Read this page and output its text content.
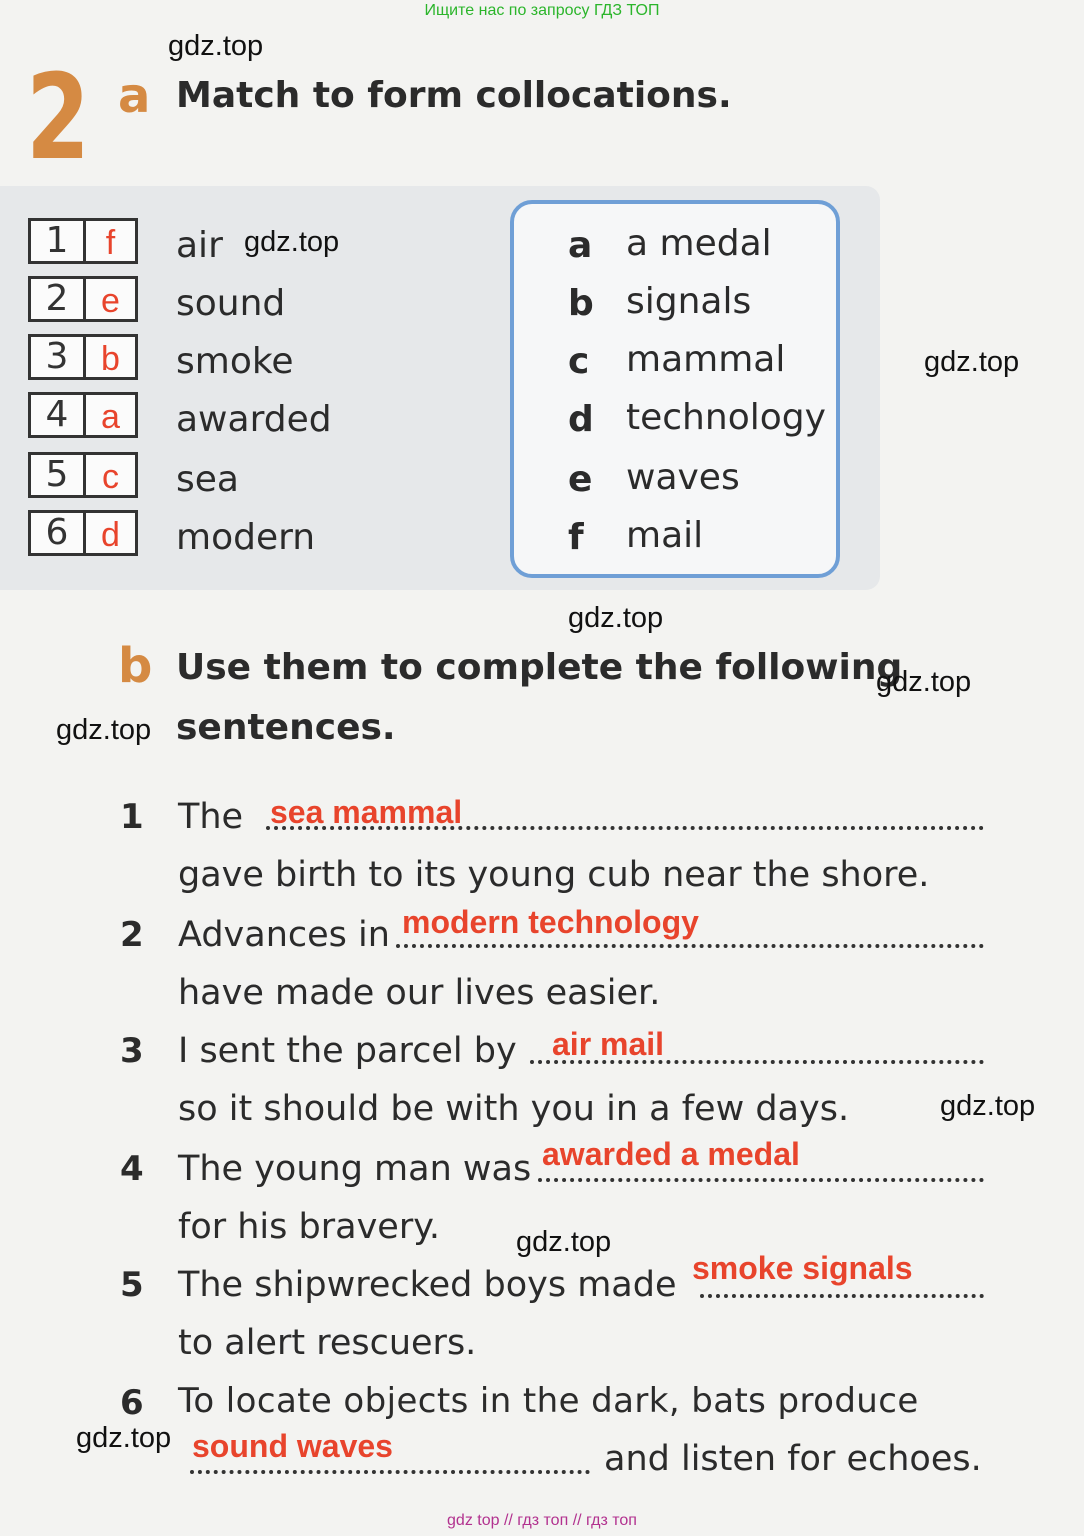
Ищите нас по запросу ГДЗ ТОП
gdz top // гдз топ // гдз топ
2 a Match to form collocations.
1	f
2 e
3 b
4 a
5 c
6 d
air
sound
smoke
awarded
sea
modern
a a medal
b signals
c mammal
d technology
e waves
f mail
b Use them to complete the following
sentences.
1 The sea mammal
gave birth to its young cub near the shore.
2 Advances in modern technology
have made our lives easier.
3 I sent the parcel by air mail
so it should be with you in a few days.
4 The young man was awarded a medal
for his bravery.
5 The shipwrecked boys made smoke signals
to alert rescuers.
6 To locate objects in the dark, bats produce
sound waves	and listen for echoes.
gdz.top
gdz.top
gdz.top
gdz.top
gdz.top
gdz.top
gdz.top
gdz.top
gdz.top
